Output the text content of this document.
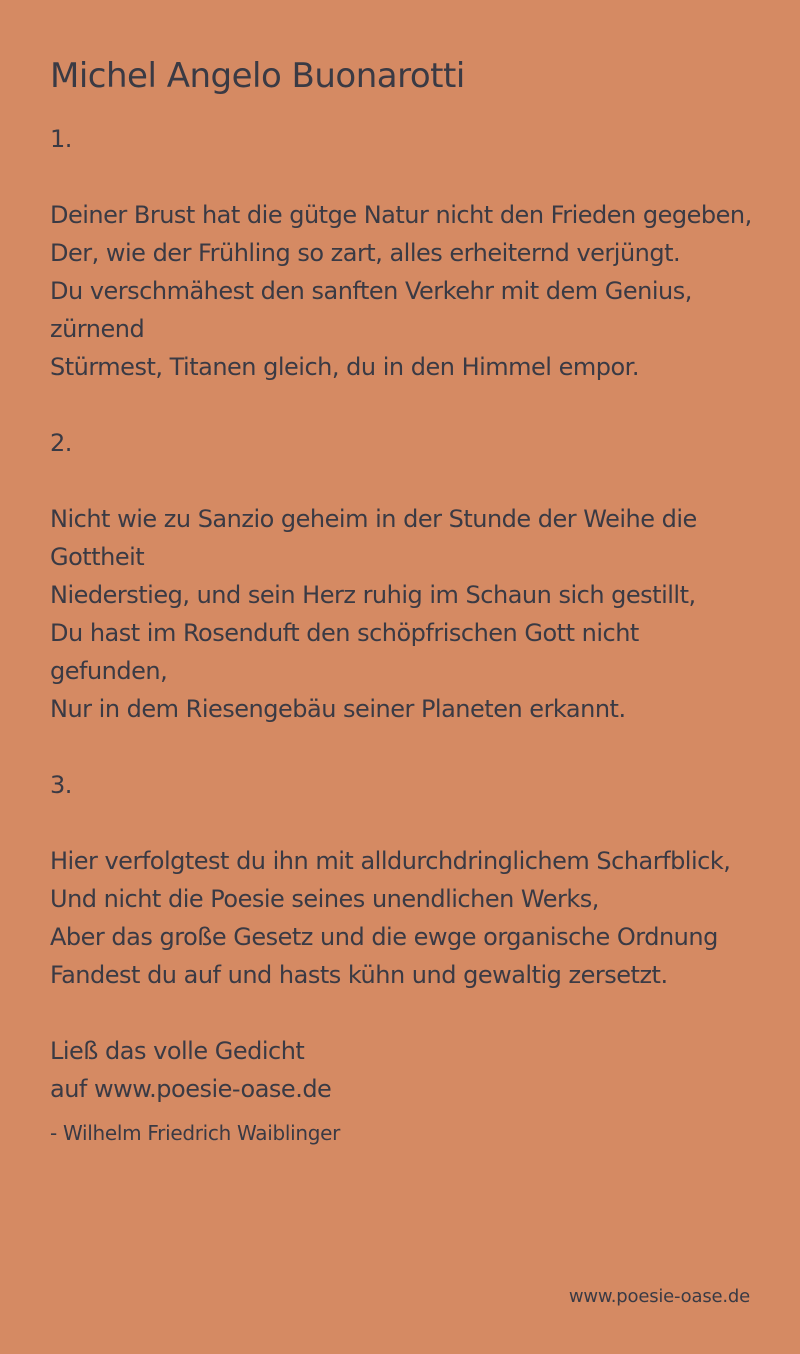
Michel Angelo Buonarotti
1.
Deiner Brust hat die gütge Natur nicht den Frieden gegeben,
Der, wie der Frühling so zart, alles erheiternd verjüngt.
Du verschmähest den sanften Verkehr mit dem Genius, zürnend
Stürmest, Titanen gleich, du in den Himmel empor.
2.
Nicht wie zu Sanzio geheim in der Stunde der Weihe die Gottheit
Niederstieg, und sein Herz ruhig im Schaun sich gestillt,
Du hast im Rosenduft den schöpfrischen Gott nicht gefunden,
Nur in dem Riesengebäu seiner Planeten erkannt.
3.
Hier verfolgtest du ihn mit alldurchdringlichem Scharfblick,
Und nicht die Poesie seines unendlichen Werks,
Aber das große Gesetz und die ewge organische Ordnung
Fandest du auf und hasts kühn und gewaltig zersetzt.
Ließ das volle Gedicht
auf www.poesie-oase.de
- Wilhelm Friedrich Waiblinger
www.poesie-oase.de
